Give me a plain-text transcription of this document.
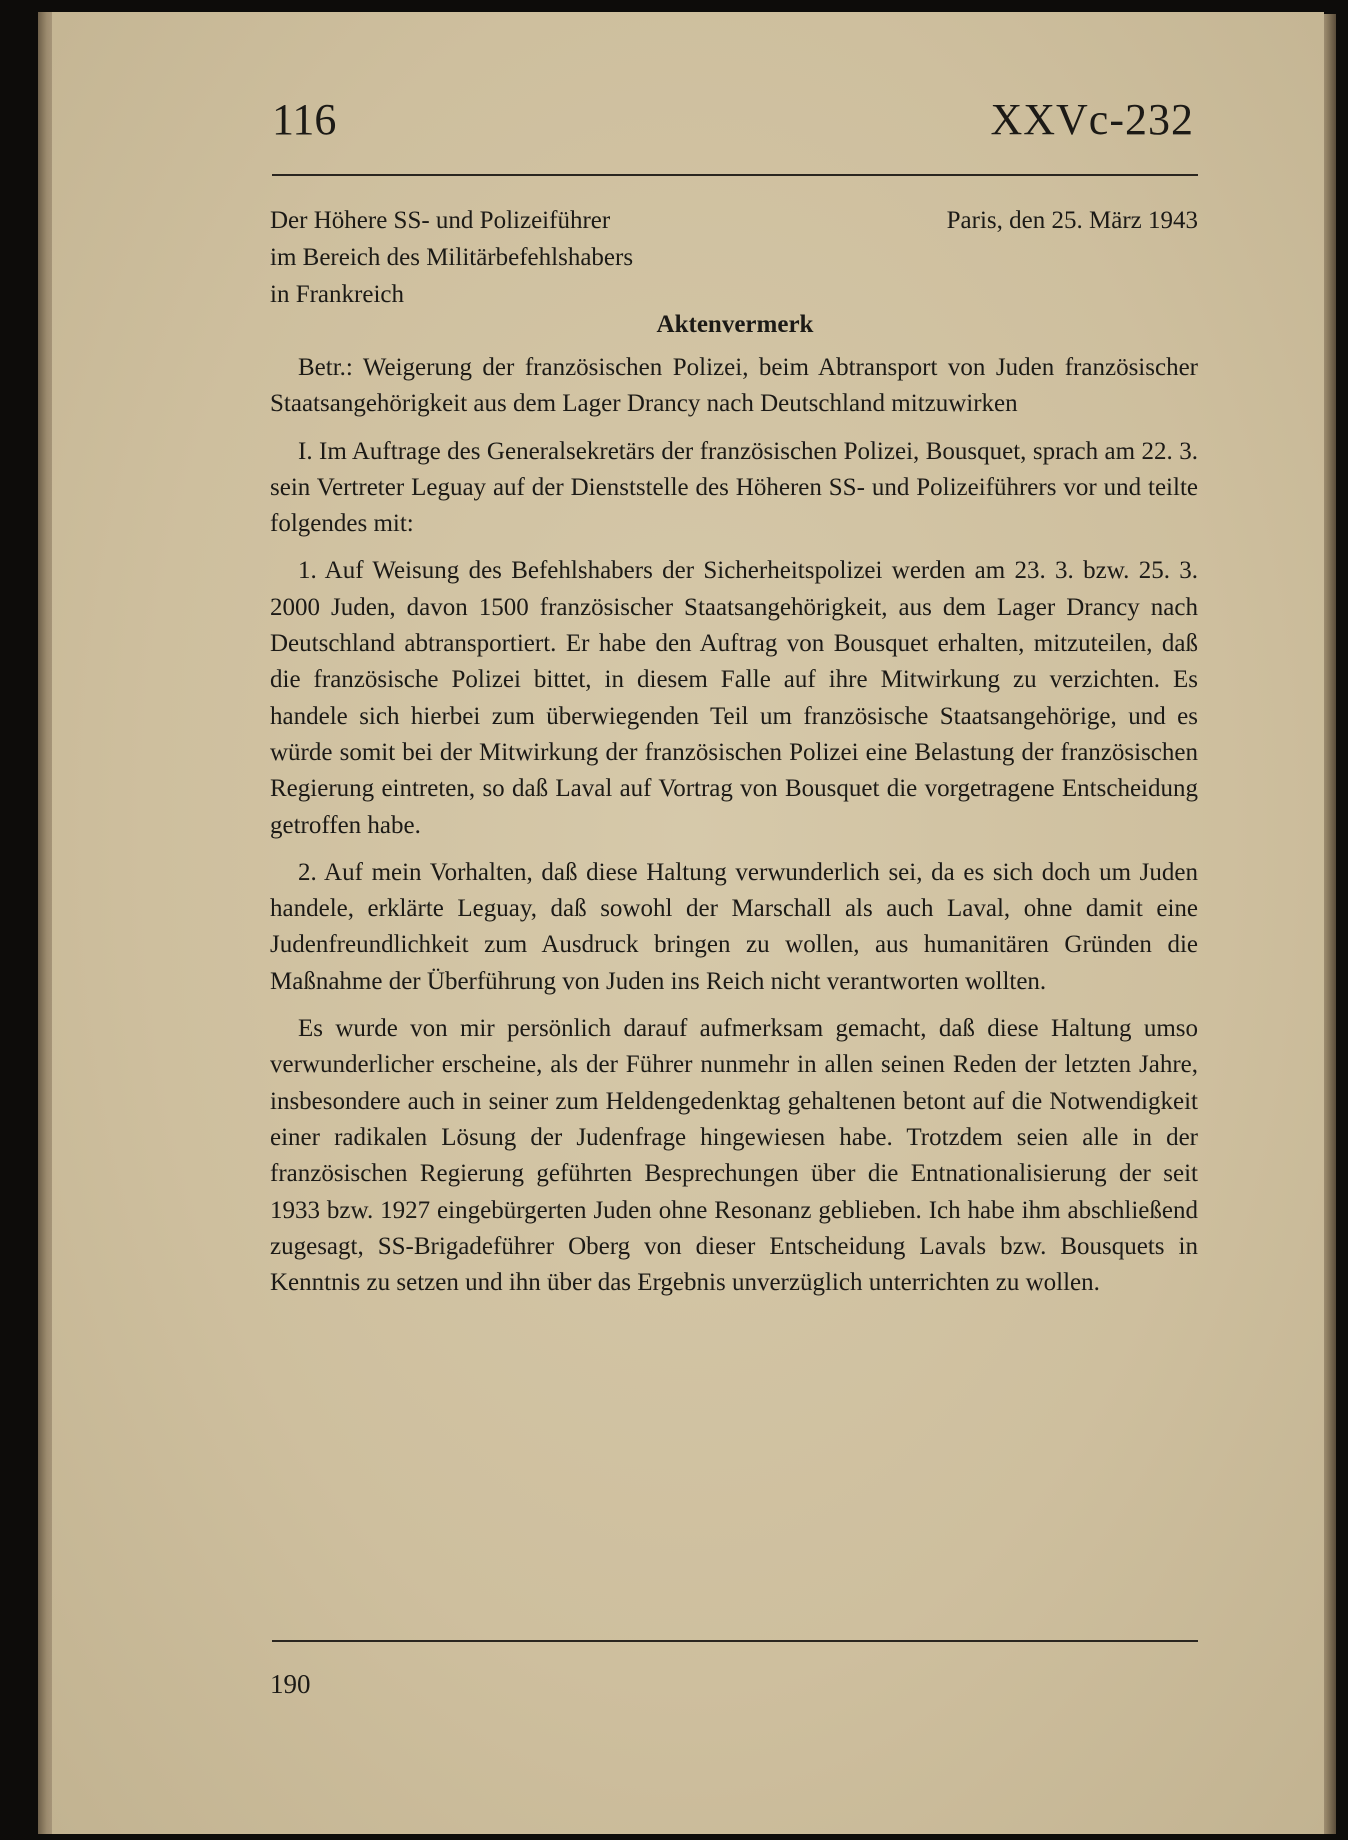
116	XXVc-232
Der Höhere SS- und Polizeiführer
im Bereich des Militärbefehlshabers
in Frankreich
Paris, den 25. März 1943
Aktenvermerk

Betr.: Weigerung der französischen Polizei, beim Abtransport von Juden französischer Staatsangehörigkeit aus dem Lager Drancy nach Deutschland mitzuwirken

I. Im Auftrage des Generalsekretärs der französischen Polizei, Bousquet, sprach am 22. 3. sein Vertreter Leguay auf der Dienststelle des Höheren SS- und Polizeiführers vor und teilte folgendes mit:

1. Auf Weisung des Befehlshabers der Sicherheitspolizei werden am 23. 3. bzw. 25. 3. 2000 Juden, davon 1500 französischer Staatsangehörigkeit, aus dem Lager Drancy nach Deutschland abtransportiert. Er habe den Auftrag von Bousquet erhalten, mitzuteilen, daß die französische Polizei bittet, in diesem Falle auf ihre Mitwirkung zu verzichten. Es handele sich hierbei zum überwiegenden Teil um französische Staatsangehörige, und es würde somit bei der Mitwirkung der französischen Polizei eine Belastung der französischen Regierung eintreten, so daß Laval auf Vortrag von Bousquet die vorgetragene Entscheidung getroffen habe.

2. Auf mein Vorhalten, daß diese Haltung verwunderlich sei, da es sich doch um Juden handele, erklärte Leguay, daß sowohl der Marschall als auch Laval, ohne damit eine Judenfreundlichkeit zum Ausdruck bringen zu wollen, aus humanitären Gründen die Maßnahme der Überführung von Juden ins Reich nicht verantworten wollten.

Es wurde von mir persönlich darauf aufmerksam gemacht, daß diese Haltung umso verwunderlicher erscheine, als der Führer nunmehr in allen seinen Reden der letzten Jahre, insbesondere auch in seiner zum Heldengedenktag gehaltenen betont auf die Notwendigkeit einer radikalen Lösung der Judenfrage hingewiesen habe. Trotzdem seien alle in der französischen Regierung geführten Besprechungen über die Entnationalisierung der seit 1933 bzw. 1927 eingebürgerten Juden ohne Resonanz geblieben. Ich habe ihm abschließend zugesagt, SS-Brigadeführer Oberg von dieser Entscheidung Lavals bzw. Bousquets in Kenntnis zu setzen und ihn über das Ergebnis unverzüglich unterrichten zu wollen.

190
